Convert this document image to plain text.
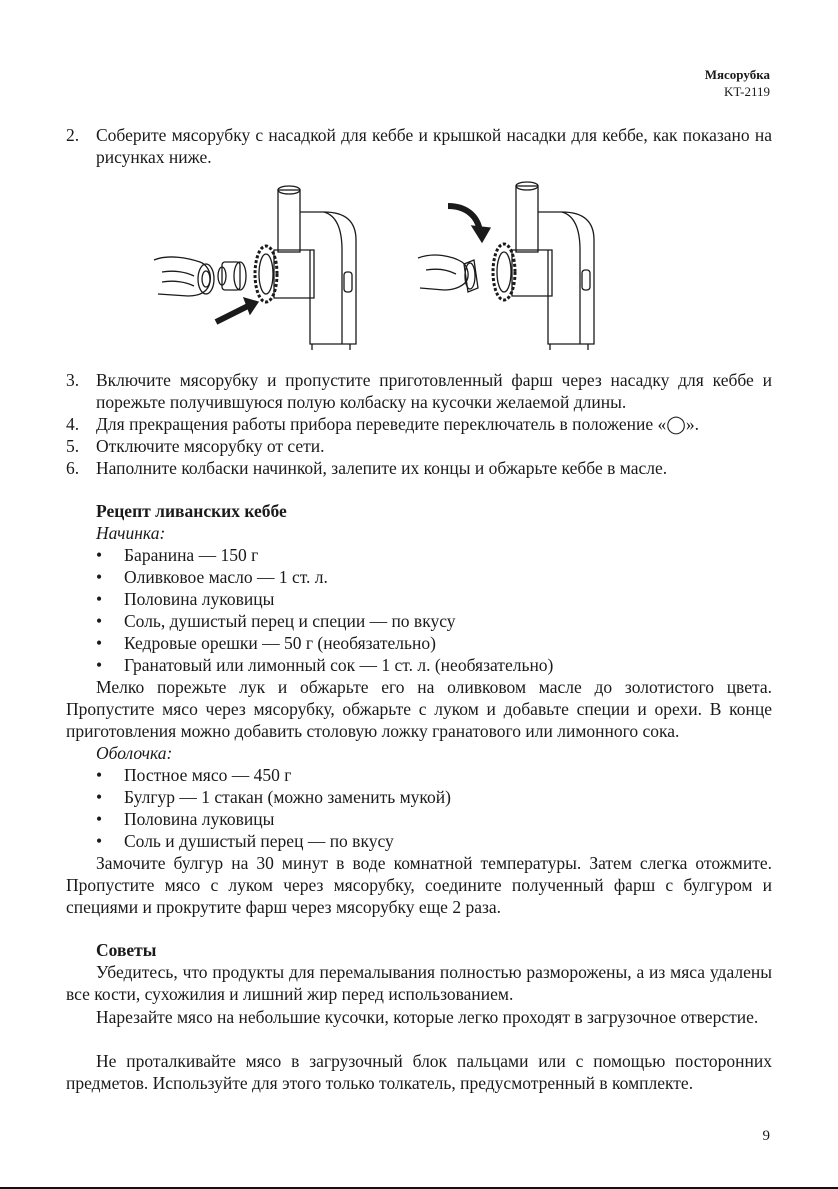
Мясорубка
KT-2119
2. Соберите мясорубку с насадкой для кеббе и крышкой насадки для кеббе, как показано на рисунках ниже.
3. Включите мясорубку и пропустите приготовленный фарш через насадку для кеббе и порежьте получившуюся полую колбаску на кусочки желаемой длины.
4. Для прекращения работы прибора переведите переключатель в положение «◯».
5. Отключите мясорубку от сети.
6. Наполните колбаски начинкой, залепите их концы и обжарьте кеббе в масле.
Рецепт ливанских кеббе
Начинка:
• Баранина — 150 г
• Оливковое масло — 1 ст. л.
• Половина луковицы
• Соль, душистый перец и специи — по вкусу
• Кедровые орешки — 50 г (необязательно)
• Гранатовый или лимонный сок — 1 ст. л. (необязательно)

Мелко порежьте лук и обжарьте его на оливковом масле до золотистого цвета. Пропустите мясо через мясорубку, обжарьте с луком и добавьте специи и орехи. В конце приготовления можно добавить столовую ложку гранатового или лимонного сока.

Оболочка:
• Постное мясо — 450 г
• Булгур — 1 стакан (можно заменить мукой)
• Половина луковицы
• Соль и душистый перец — по вкусу

Замочите булгур на 30 минут в воде комнатной температуры. Затем слегка отожмите. Пропустите мясо с луком через мясорубку, соедините полученный фарш с булгуром и специями и прокрутите фарш через мясорубку еще 2 раза.

Советы

Убедитесь, что продукты для перемалывания полностью разморожены, а из мяса удалены все кости, сухожилия и лишний жир перед использованием.

Нарезайте мясо на небольшие кусочки, которые легко проходят в загрузочное отверстие.

Не проталкивайте мясо в загрузочный блок пальцами или с помощью посторонних предметов. Используйте для этого только толкатель, предусмотренный в комплекте.

9
